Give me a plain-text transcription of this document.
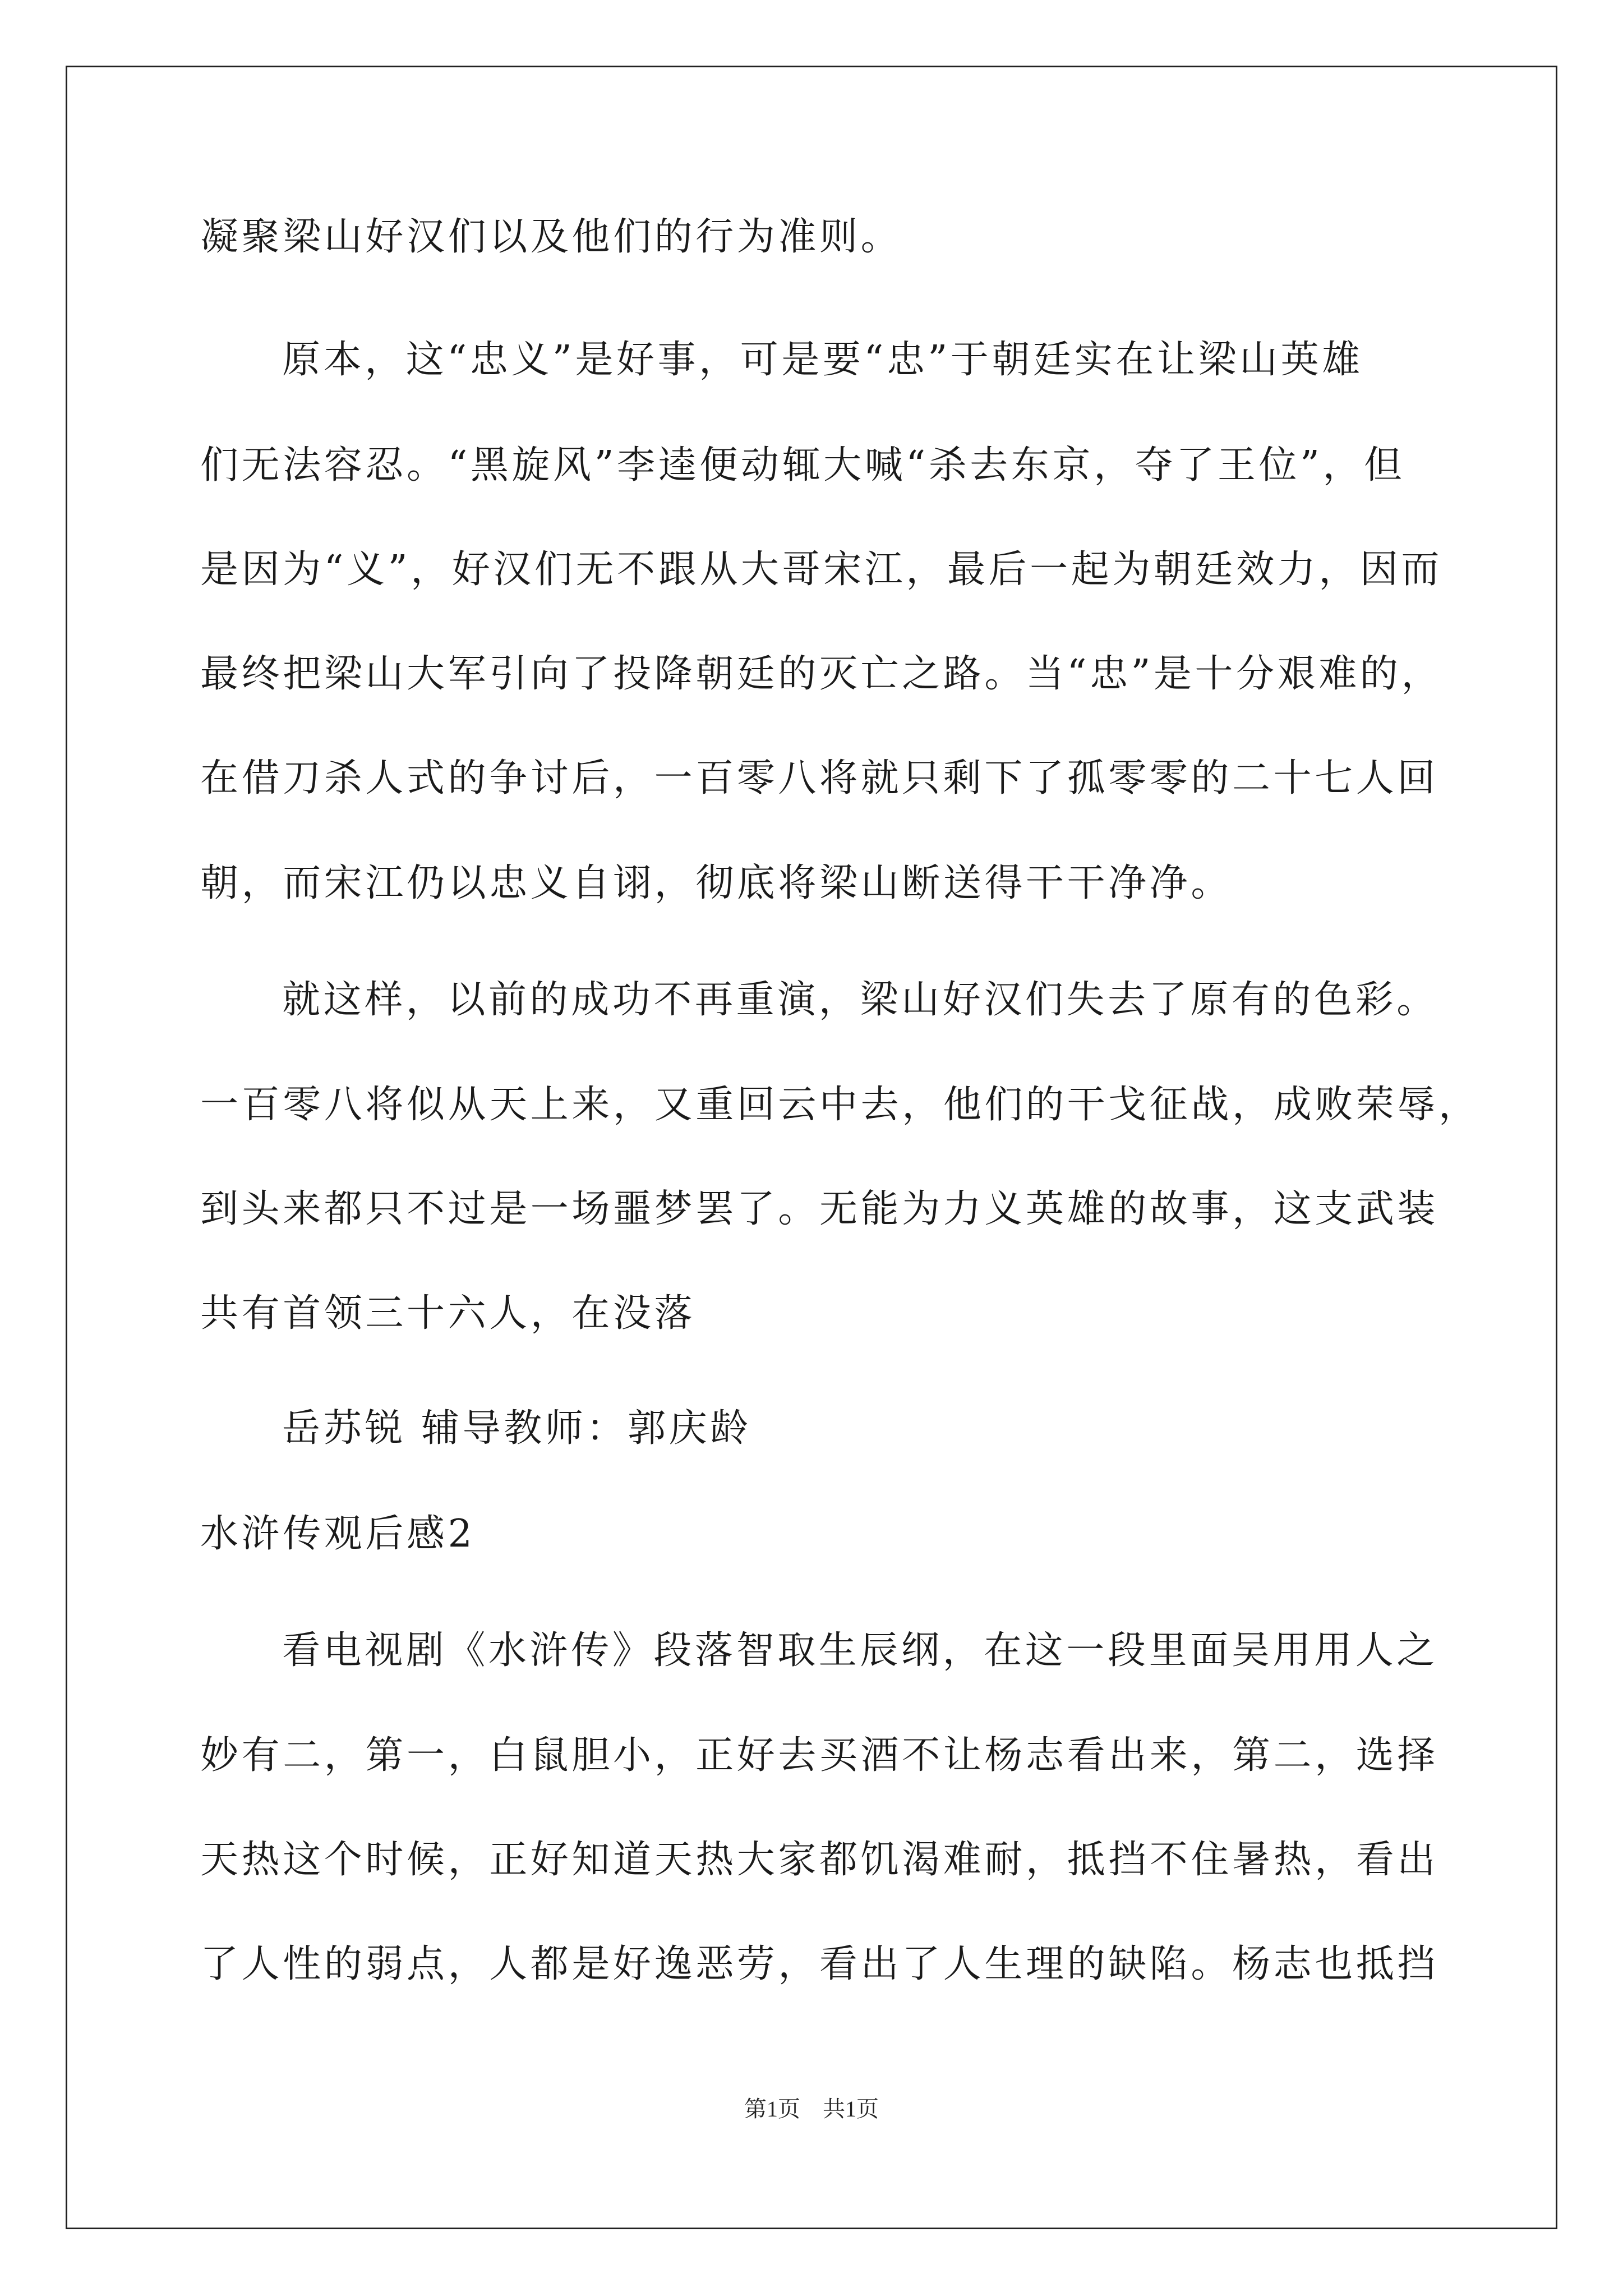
凝聚梁山好汉们以及他们的行为准则。
原本，这“忠义”是好事，可是要“忠”于朝廷实在让梁山英雄
们无法容忍。“黑旋风”李逵便动辄大喊“杀去东京，夺了王位”，但
是因为“义”，好汉们无不跟从大哥宋江，最后一起为朝廷效力，因而
最终把梁山大军引向了投降朝廷的灭亡之路。当“忠”是十分艰难的，
在借刀杀人式的争讨后，一百零八将就只剩下了孤零零的二十七人回
朝，而宋江仍以忠义自诩，彻底将梁山断送得干干净净。
就这样，以前的成功不再重演，梁山好汉们失去了原有的色彩。
一百零八将似从天上来，又重回云中去，他们的干戈征战，成败荣辱，
到头来都只不过是一场噩梦罢了。无能为力义英雄的故事，这支武装
共有首领三十六人，在没落
岳苏锐 辅导教师：郭庆龄
水浒传观后感2
看电视剧《水浒传》段落智取生辰纲，在这一段里面吴用用人之
妙有二，第一，白鼠胆小，正好去买酒不让杨志看出来，第二，选择
天热这个时候，正好知道天热大家都饥渴难耐，抵挡不住暑热，看出
了人性的弱点，人都是好逸恶劳，看出了人生理的缺陷。杨志也抵挡
第1页　共1页
